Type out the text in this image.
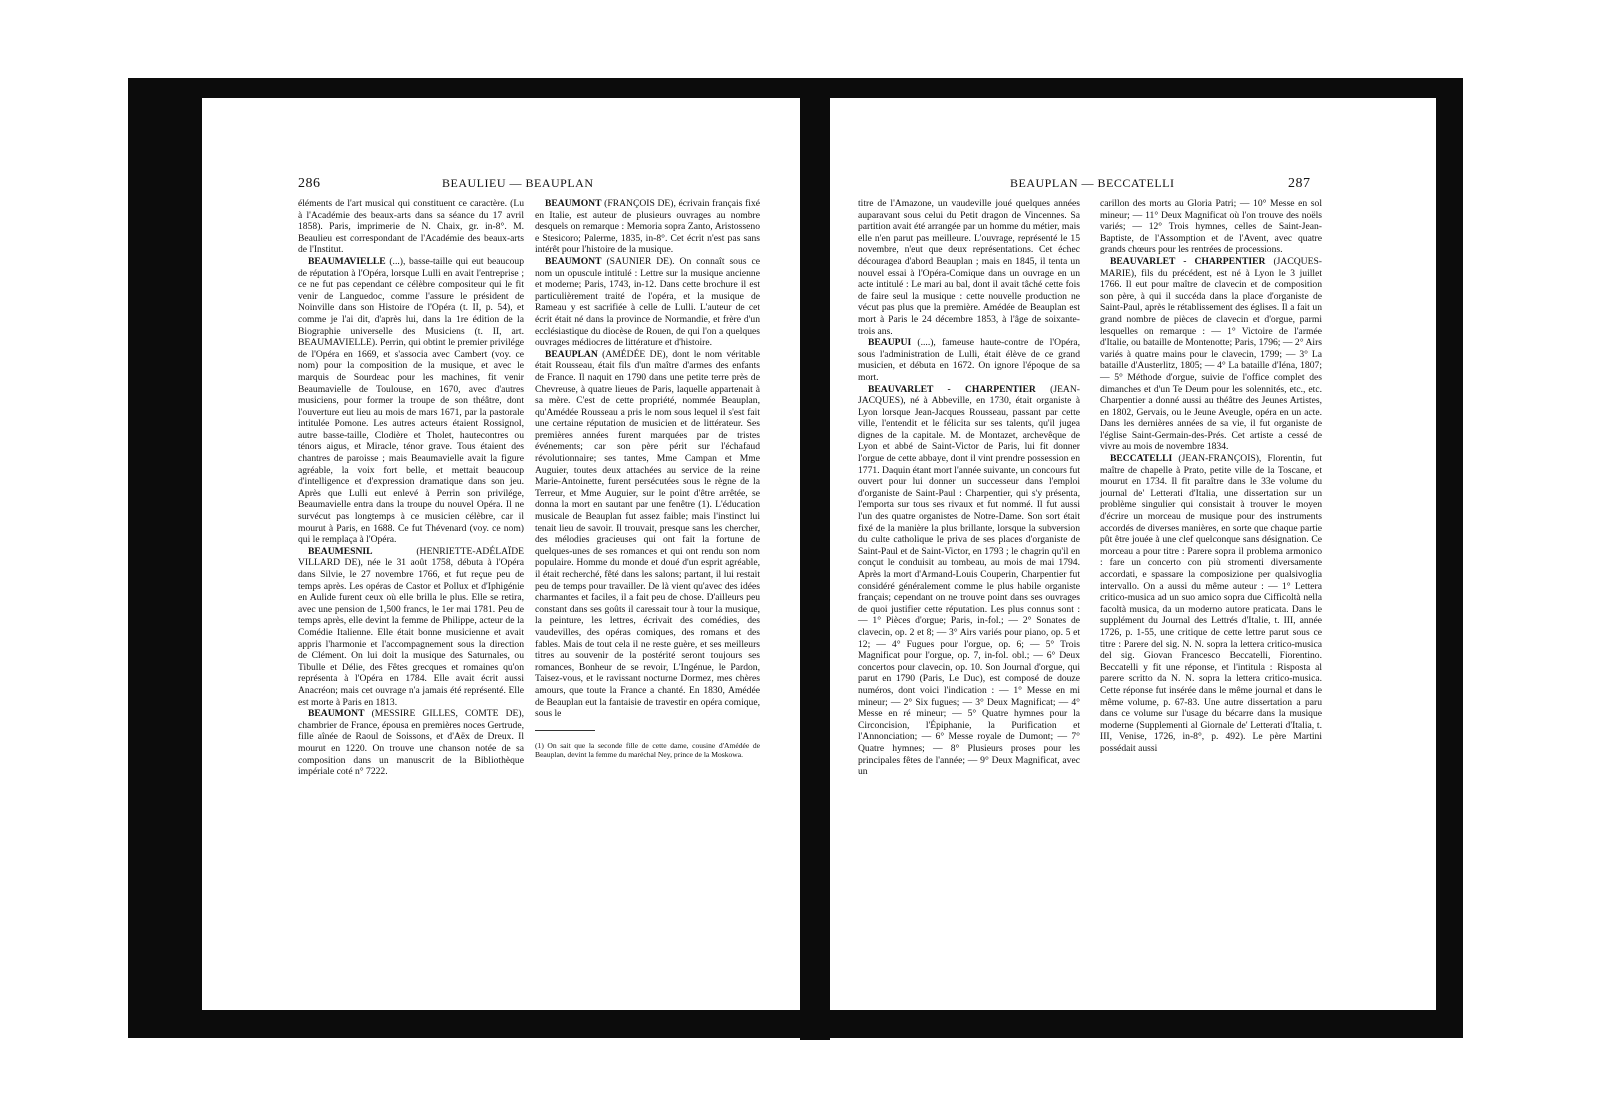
286	BEAULIEU — BEAUPLAN

éléments de l'art musical qui constituent ce caractère. (Lu à l'Académie des beaux-arts dans sa séance du 17 avril 1858). Paris, imprimerie de N. Chaix, gr. in-8°. M. Beaulieu est correspondant de l'Académie des beaux-arts de l'Institut.

BEAUMAVIELLE (...), basse-taille qui eut beaucoup de réputation à l'Opéra, lorsque Lulli en avait l'entreprise ; ce ne fut pas cependant ce célèbre compositeur qui le fit venir de Languedoc, comme l'assure le président de Noinville dans son Histoire de l'Opéra (t. II, p. 54), et comme je l'ai dit, d'après lui, dans la 1re édition de la Biographie universelle des Musiciens (t. II, art. BEAUMAVIELLE). Perrin, qui obtint le premier privilége de l'Opéra en 1669, et s'associa avec Cambert (voy. ce nom) pour la composition de la musique, et avec le marquis de Sourdeac pour les machines, fit venir Beaumavielle de Toulouse, en 1670, avec d'autres musiciens, pour former la troupe de son théâtre, dont l'ouverture eut lieu au mois de mars 1671, par la pastorale intitulée Pomone. Les autres acteurs étaient Rossignol, autre basse-taille, Clodière et Tholet, hautecontres ou ténors aigus, et Miracle, ténor grave. Tous étaient des chantres de paroisse ; mais Beaumavielle avait la figure agréable, la voix fort belle, et mettait beaucoup d'intelligence et d'expression dramatique dans son jeu. Après que Lulli eut enlevé à Perrin son privilége, Beaumavielle entra dans la troupe du nouvel Opéra. Il ne survécut pas longtemps à ce musicien célèbre, car il mourut à Paris, en 1688. Ce fut Thévenard (voy. ce nom) qui le remplaça à l'Opéra.

BEAUMESNIL (HENRIETTE-ADÉLAÏDE VILLARD DE), née le 31 août 1758, débuta à l'Opéra dans Silvie, le 27 novembre 1766, et fut reçue peu de temps après. Les opéras de Castor et Pollux et d'Iphigénie en Aulide furent ceux où elle brilla le plus. Elle se retira, avec une pension de 1,500 francs, le 1er mai 1781. Peu de temps après, elle devint la femme de Philippe, acteur de la Comédie Italienne. Elle était bonne musicienne et avait appris l'harmonie et l'accompagnement sous la direction de Clément. On lui doit la musique des Saturnales, ou Tibulle et Délie, des Fêtes grecques et romaines qu'on représenta à l'Opéra en 1784. Elle avait écrit aussi Anacréon; mais cet ouvrage n'a jamais été représenté. Elle est morte à Paris en 1813.

BEAUMONT (MESSIRE GILLES, COMTE DE), chambrier de France, épousa en premières noces Gertrude, fille aînée de Raoul de Soissons, et d'Aëx de Dreux. Il mourut en 1220. On trouve une chanson notée de sa composition dans un manuscrit de la Bibliothèque impériale coté n° 7222.

BEAUMONT (FRANÇOIS DE), écrivain français fixé en Italie, est auteur de plusieurs ouvrages au nombre desquels on remarque : Memoria sopra Zanto, Aristosseno e Stesicoro; Palerme, 1835, in-8°. Cet écrit n'est pas sans intérêt pour l'histoire de la musique.

BEAUMONT (SAUNIER DE). On connaît sous ce nom un opuscule intitulé : Lettre sur la musique ancienne et moderne; Paris, 1743, in-12. Dans cette brochure il est particulièrement traité de l'opéra, et la musique de Rameau y est sacrifiée à celle de Lulli. L'auteur de cet écrit était né dans la province de Normandie, et frère d'un ecclésiastique du diocèse de Rouen, de qui l'on a quelques ouvrages médiocres de littérature et d'histoire.

BEAUPLAN (AMÉDÉE DE), dont le nom véritable était Rousseau, était fils d'un maître d'armes des enfants de France. Il naquit en 1790 dans une petite terre près de Chevreuse, à quatre lieues de Paris, laquelle appartenait à sa mère. C'est de cette propriété, nommée Beauplan, qu'Amédée Rousseau a pris le nom sous lequel il s'est fait une certaine réputation de musicien et de littérateur. Ses premières années furent marquées par de tristes événements; car son père périt sur l'échafaud révolutionnaire; ses tantes, Mme Campan et Mme Auguier, toutes deux attachées au service de la reine Marie-Antoinette, furent persécutées sous le règne de la Terreur, et Mme Auguier, sur le point d'être arrêtée, se donna la mort en sautant par une fenêtre (1). L'éducation musicale de Beauplan fut assez faible; mais l'instinct lui tenait lieu de savoir. Il trouvait, presque sans les chercher, des mélodies gracieuses qui ont fait la fortune de quelques-unes de ses romances et qui ont rendu son nom populaire. Homme du monde et doué d'un esprit agréable, il était recherché, fêté dans les salons; partant, il lui restait peu de temps pour travailler. De là vient qu'avec des idées charmantes et faciles, il a fait peu de chose. D'ailleurs peu constant dans ses goûts il caressait tour à tour la musique, la peinture, les lettres, écrivait des comédies, des vaudevilles, des opéras comiques, des romans et des fables. Mais de tout cela il ne reste guère, et ses meilleurs titres au souvenir de la postérité seront toujours ses romances, Bonheur de se revoir, L'Ingénue, le Pardon, Taisez-vous, et le ravissant nocturne Dormez, mes chères amours, que toute la France a chanté. En 1830, Amédée de Beauplan eut la fantaisie de travestir en opéra comique, sous le

(1) On sait que la seconde fille de cette dame, cousine d'Amédée de Beauplan, devint la femme du maréchal Ney, prince de la Moskowa.

BEAUPLAN — BECCATELLI	287

titre de l'Amazone, un vaudeville joué quelques années auparavant sous celui du Petit dragon de Vincennes. Sa partition avait été arrangée par un homme du métier, mais elle n'en parut pas meilleure. L'ouvrage, représenté le 15 novembre, n'eut que deux représentations. Cet échec découragea d'abord Beauplan ; mais en 1845, il tenta un nouvel essai à l'Opéra-Comique dans un ouvrage en un acte intitulé : Le mari au bal, dont il avait tâché cette fois de faire seul la musique : cette nouvelle production ne vécut pas plus que la première. Amédée de Beauplan est mort à Paris le 24 décembre 1853, à l'âge de soixante-trois ans.

BEAUPUI (....), fameuse haute-contre de l'Opéra, sous l'administration de Lulli, était élève de ce grand musicien, et débuta en 1672. On ignore l'époque de sa mort.

BEAUVARLET - CHARPENTIER (JEAN-JACQUES), né à Abbeville, en 1730, était organiste à Lyon lorsque Jean-Jacques Rousseau, passant par cette ville, l'entendit et le félicita sur ses talents, qu'il jugea dignes de la capitale. M. de Montazet, archevêque de Lyon et abbé de Saint-Victor de Paris, lui fit donner l'orgue de cette abbaye, dont il vint prendre possession en 1771. Daquin étant mort l'année suivante, un concours fut ouvert pour lui donner un successeur dans l'emploi d'organiste de Saint-Paul : Charpentier, qui s'y présenta, l'emporta sur tous ses rivaux et fut nommé. Il fut aussi l'un des quatre organistes de Notre-Dame. Son sort était fixé de la manière la plus brillante, lorsque la subversion du culte catholique le priva de ses places d'organiste de Saint-Paul et de Saint-Victor, en 1793 ; le chagrin qu'il en conçut le conduisit au tombeau, au mois de mai 1794. Après la mort d'Armand-Louis Couperin, Charpentier fut considéré généralement comme le plus habile organiste français; cependant on ne trouve point dans ses ouvrages de quoi justifier cette réputation. Les plus connus sont : — 1° Pièces d'orgue; Paris, in-fol.; — 2° Sonates de clavecin, op. 2 et 8; — 3° Airs variés pour piano, op. 5 et 12; — 4° Fugues pour l'orgue, op. 6; — 5° Trois Magnificat pour l'orgue, op. 7, in-fol. obl.; — 6° Deux concertos pour clavecin, op. 10. Son Journal d'orgue, qui parut en 1790 (Paris, Le Duc), est composé de douze numéros, dont voici l'indication : — 1° Messe en mi mineur; — 2° Six fugues; — 3° Deux Magnificat; — 4° Messe en ré mineur; — 5° Quatre hymnes pour la Circoncision, l'Épiphanie, la Purification et l'Annonciation; — 6° Messe royale de Dumont; — 7° Quatre hymnes; — 8° Plusieurs proses pour les principales fêtes de l'année; — 9° Deux Magnificat, avec un

carillon des morts au Gloria Patri; — 10° Messe en sol mineur; — 11° Deux Magnificat où l'on trouve des noëls variés; — 12° Trois hymnes, celles de Saint-Jean-Baptiste, de l'Assomption et de l'Avent, avec quatre grands chœurs pour les rentrées de processions.

BEAUVARLET - CHARPENTIER (JACQUES-MARIE), fils du précédent, est né à Lyon le 3 juillet 1766. Il eut pour maître de clavecin et de composition son père, à qui il succéda dans la place d'organiste de Saint-Paul, après le rétablissement des églises. Il a fait un grand nombre de pièces de clavecin et d'orgue, parmi lesquelles on remarque : — 1° Victoire de l'armée d'Italie, ou bataille de Montenotte; Paris, 1796; — 2° Airs variés à quatre mains pour le clavecin, 1799; — 3° La bataille d'Austerlitz, 1805; — 4° La bataille d'Iéna, 1807; — 5° Méthode d'orgue, suivie de l'office complet des dimanches et d'un Te Deum pour les solennités, etc., etc. Charpentier a donné aussi au théâtre des Jeunes Artistes, en 1802, Gervais, ou le Jeune Aveugle, opéra en un acte. Dans les dernières années de sa vie, il fut organiste de l'église Saint-Germain-des-Prés. Cet artiste a cessé de vivre au mois de novembre 1834.

BECCATELLI (JEAN-FRANÇOIS), Florentin, fut maître de chapelle à Prato, petite ville de la Toscane, et mourut en 1734. Il fit paraître dans le 33e volume du journal de' Letterati d'Italia, une dissertation sur un problème singulier qui consistait à trouver le moyen d'écrire un morceau de musique pour des instruments accordés de diverses manières, en sorte que chaque partie pût être jouée à une clef quelconque sans désignation. Ce morceau a pour titre : Parere sopra il problema armonico : fare un concerto con più stromenti diversamente accordati, e spassare la composizione per qualsivoglia intervallo. On a aussi du même auteur : — 1° Lettera critico-musica ad un suo amico sopra due Cifficoltà nella facoltà musica, da un moderno autore praticata. Dans le supplément du Journal des Lettrés d'Italie, t. III, année 1726, p. 1-55, une critique de cette lettre parut sous ce titre : Parere del sig. N. N. sopra la lettera critico-musica del sig. Giovan Francesco Beccatelli, Fiorentino. Beccatelli y fit une réponse, et l'intitula : Risposta al parere scritto da N. N. sopra la lettera critico-musica. Cette réponse fut insérée dans le même journal et dans le même volume, p. 67-83. Une autre dissertation a paru dans ce volume sur l'usage du bécarre dans la musique moderne (Supplementi al Giornale de' Letterati d'Italia, t. III, Venise, 1726, in-8°, p. 492). Le père Martini possédait aussi
